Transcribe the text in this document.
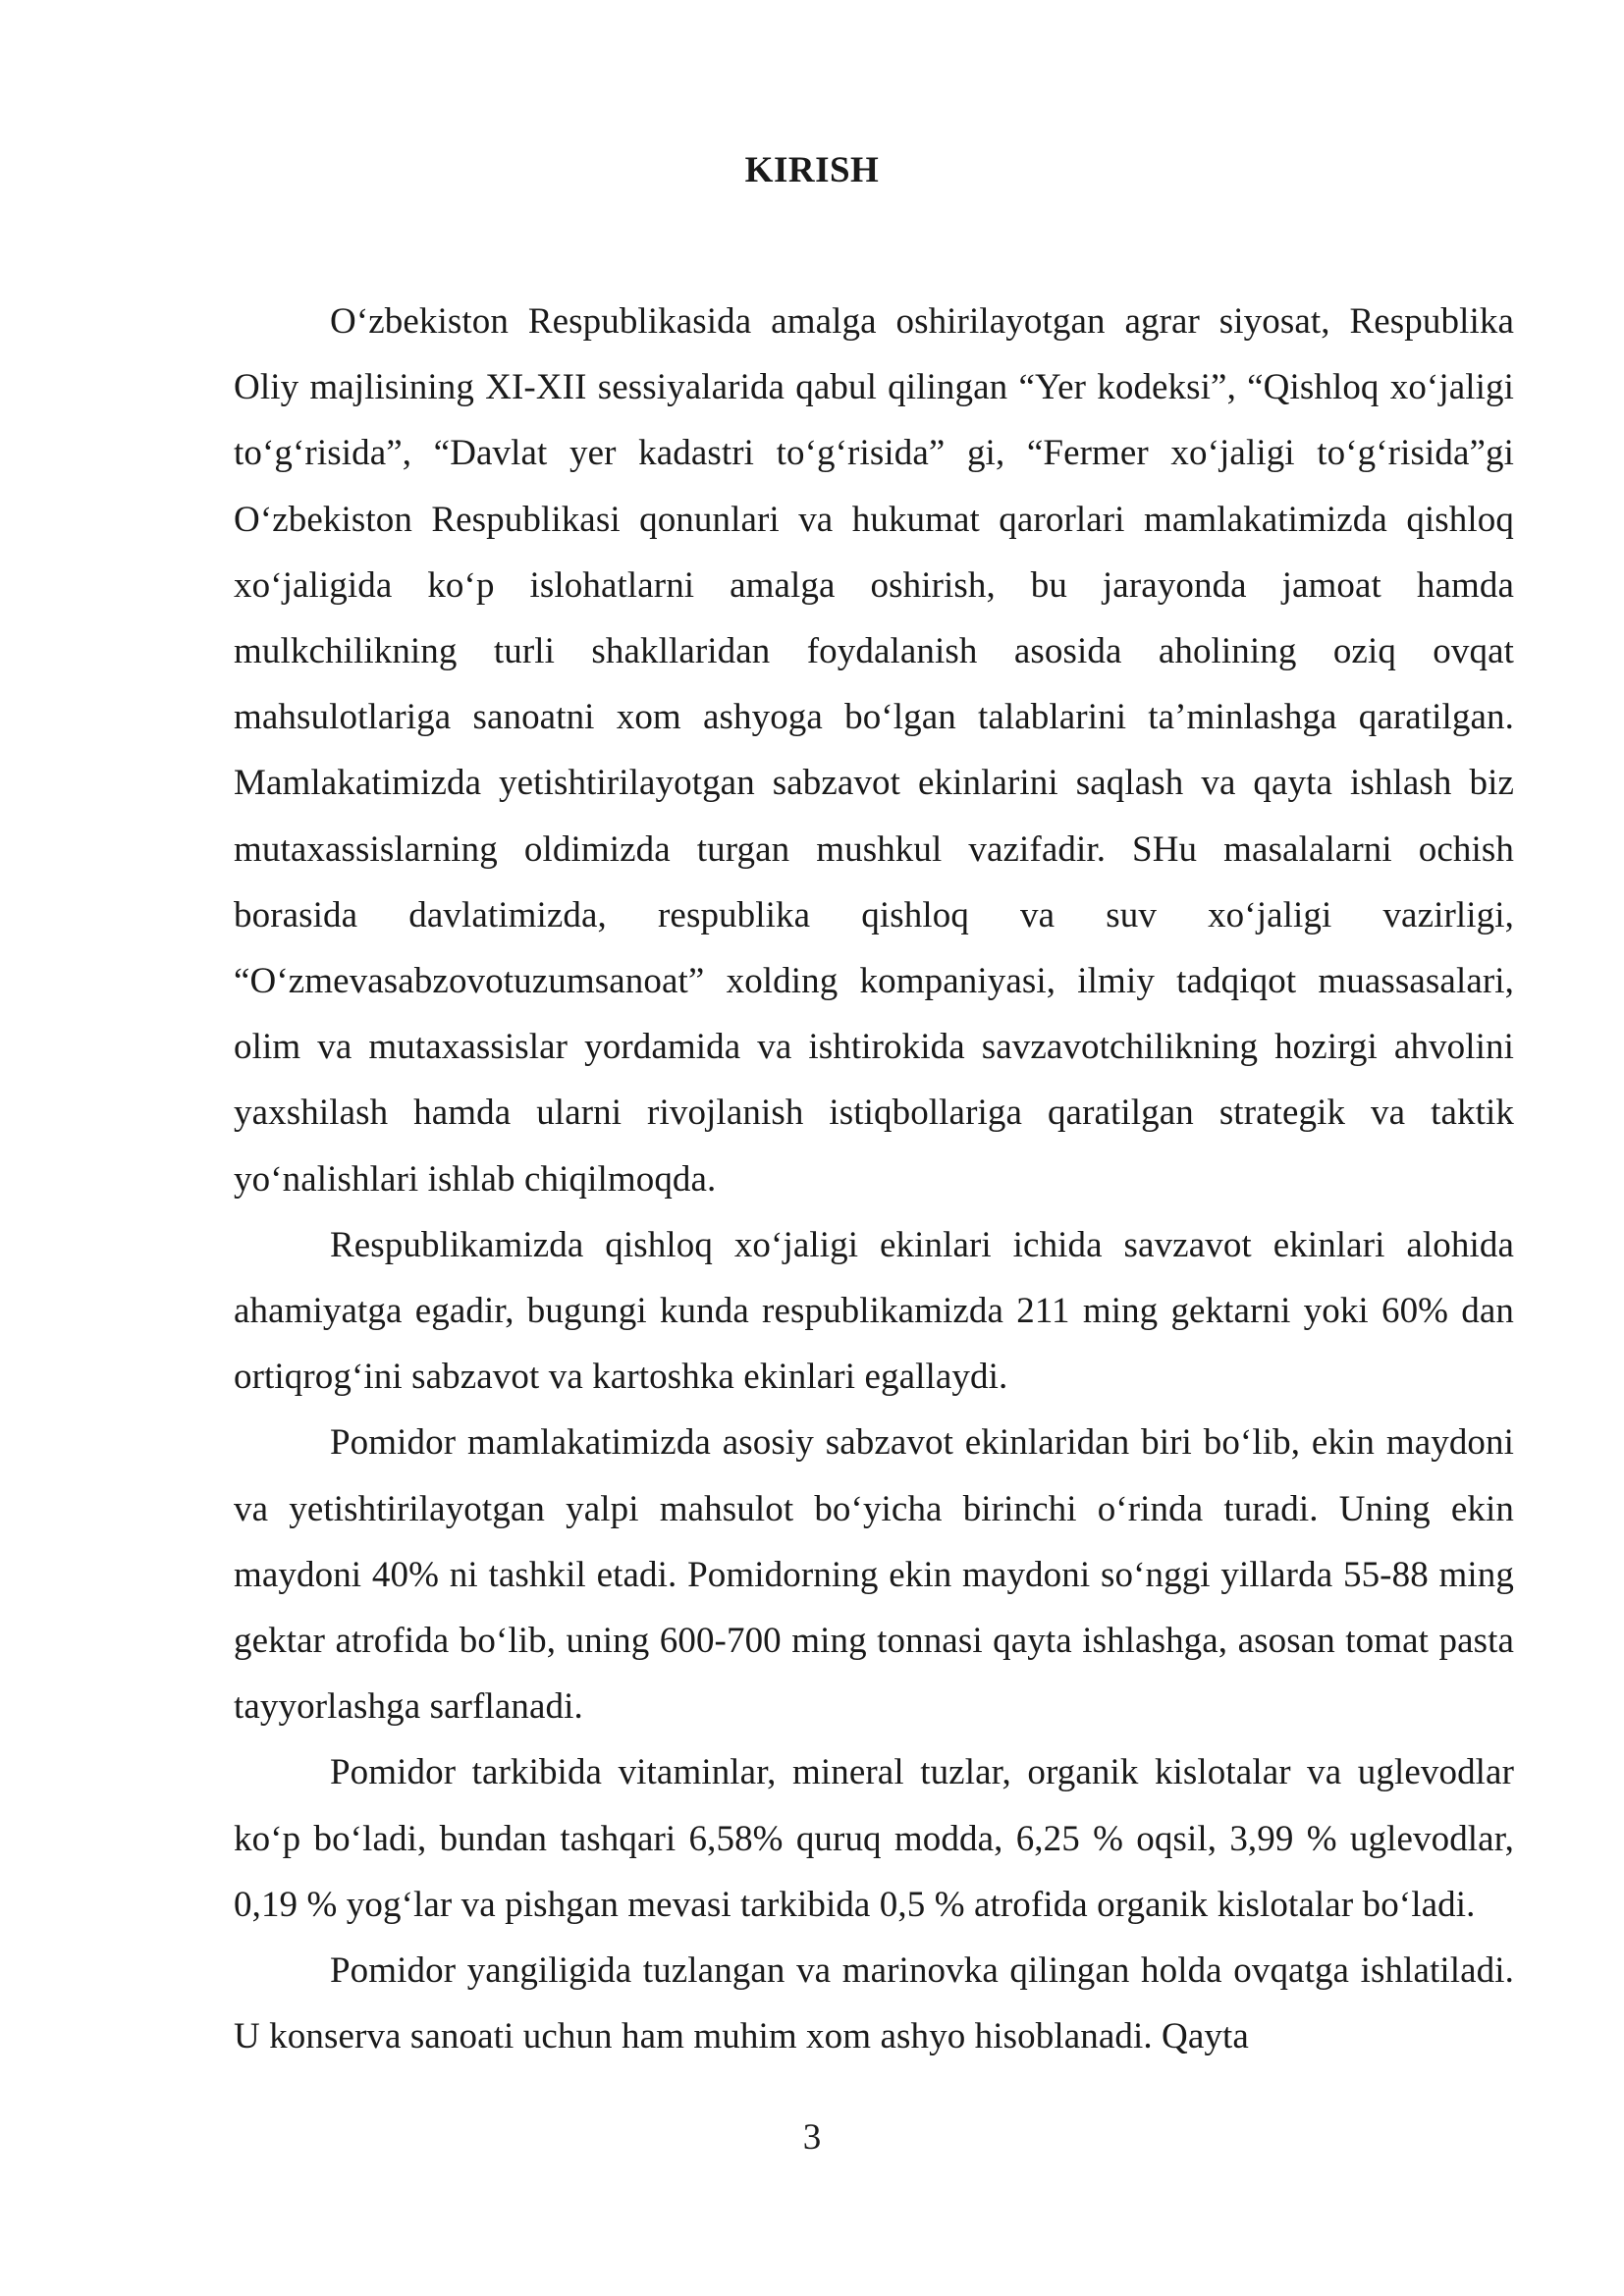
KIRISH

O‘zbekiston Respublikasida amalga oshirilayotgan agrar siyosat, Respublika Oliy majlisining XI-XII sessiyalarida qabul qilingan “Yer kodeksi”, “Qishloq xo‘jaligi to‘g‘risida”, “Davlat yer kadastri to‘g‘risida” gi, “Fermer xo‘jaligi to‘g‘risida”gi O‘zbekiston Respublikasi qonunlari va hukumat qarorlari mamlakatimizda qishloq xo‘jaligida ko‘p islohatlarni amalga oshirish, bu jarayonda jamoat hamda mulkchilikning turli shakllaridan foydalanish asosida aholining oziq ovqat mahsulotlariga sanoatni xom ashyoga bo‘lgan talablarini ta’minlashga qaratilgan. Mamlakatimizda yetishtirilayotgan sabzavot ekinlarini saqlash va qayta ishlash biz mutaxassislarning oldimizda turgan mushkul vazifadir. SHu masalalarni ochish borasida davlatimizda, respublika qishloq va suv xo‘jaligi vazirligi, “O‘zmevasabzovotuzumsanoat” xolding kompaniyasi, ilmiy tadqiqot muassasalari, olim va mutaxassislar yordamida va ishtirokida savzavotchilikning hozirgi ahvolini yaxshilash hamda ularni rivojlanish istiqbollariga qaratilgan strategik va taktik yo‘nalishlari ishlab chiqilmoqda.

Respublikamizda qishloq xo‘jaligi ekinlari ichida savzavot ekinlari alohida ahamiyatga egadir, bugungi kunda respublikamizda 211 ming gektarni yoki 60% dan ortiqrog‘ini sabzavot va kartoshka ekinlari egallaydi.

Pomidor mamlakatimizda asosiy sabzavot ekinlaridan biri bo‘lib, ekin maydoni va yetishtirilayotgan yalpi mahsulot bo‘yicha birinchi o‘rinda turadi. Uning ekin maydoni 40% ni tashkil etadi. Pomidorning ekin maydoni so‘nggi yillarda 55-88 ming gektar atrofida bo‘lib, uning 600-700 ming tonnasi qayta ishlashga, asosan tomat pasta tayyorlashga sarflanadi.

Pomidor tarkibida vitaminlar, mineral tuzlar, organik kislotalar va uglevodlar ko‘p bo‘ladi, bundan tashqari 6,58% quruq modda, 6,25 % oqsil, 3,99 % uglevodlar, 0,19 % yog‘lar va pishgan mevasi tarkibida 0,5 % atrofida organik kislotalar bo‘ladi.

Pomidor yangiligida tuzlangan va marinovka qilingan holda ovqatga ishlatiladi. U konserva sanoati uchun ham muhim xom ashyo hisoblanadi. Qayta

3
